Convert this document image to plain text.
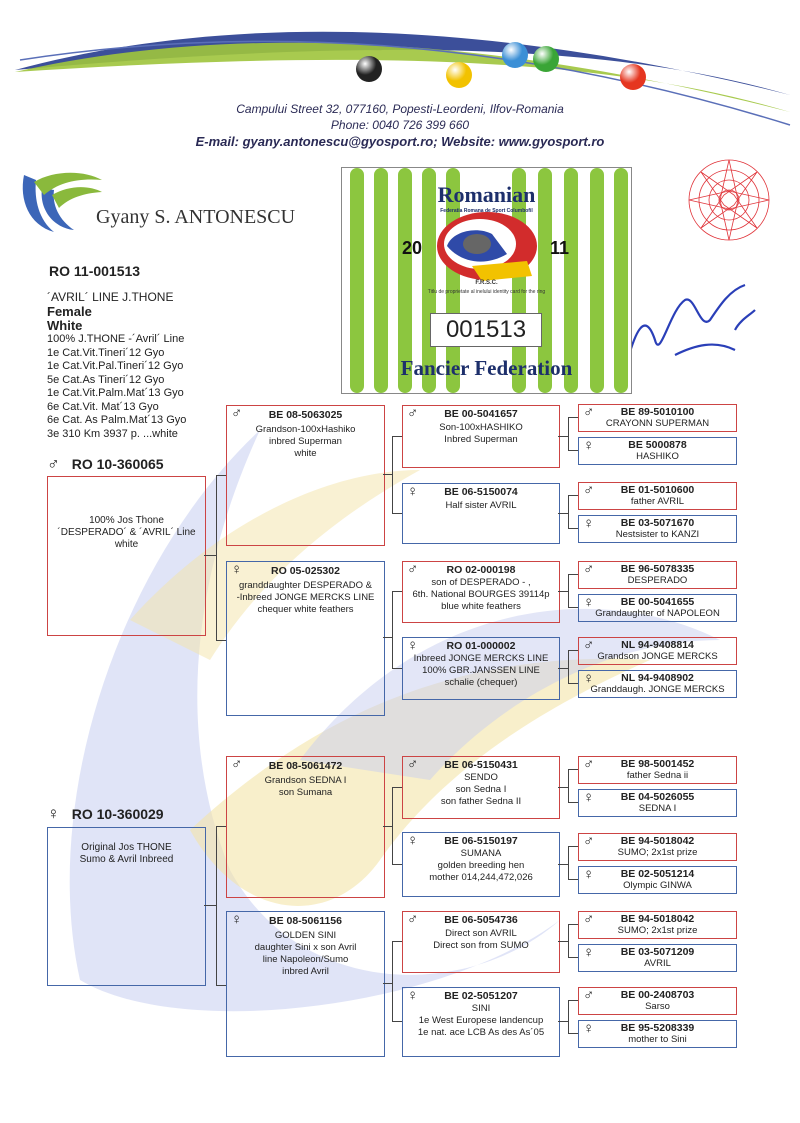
Campului Street 32, 077160, Popesti-Leordeni, Ilfov-Romania
Phone: 0040 726 399 660
E-mail: gyany.antonescu@gyosport.ro; Website: www.gyosport.ro
Gyany S. ANTONESCU
Romanian
20	11
Federatia Romana de Sport Columbofil
F.R.S.C.
Titlu de proprietate al inelului identity card for the ring
001513
Fancier Federation
RO 11-001513
´AVRIL´ LINE J.THONE
Female
White
100% J.THONE -´Avril´ Line
1e Cat.Vit.Tineri´12 Gyo
1e Cat.Vit.Pal.Tineri´12 Gyo
5e Cat.As Tineri´12 Gyo
1e Cat.Vit.Palm.Mat´13 Gyo
6e Cat.Vit. Mat´13 Gyo
6e Cat. As Palm.Mat´13 Gyo
3e 310 Km 3937 p. ...white
♂ RO 10-360065
100% Jos Thone
´DESPERADO´ & ´AVRIL´ Line
white
♀ RO 10-360029
Original Jos THONE
Sumo & Avril Inbreed
♂	BE 08-5063025
Grandson-100xHashiko
inbred Superman
white
♀	RO 05-025302
granddaughter DESPERADO &
-Inbreed JONGE MERCKS LINE
chequer white feathers
♂	BE 08-5061472
Grandson SEDNA I
son Sumana
♀	BE 08-5061156
GOLDEN SINI
daughter Sini x son Avril
line Napoleon/Sumo
inbred Avril
♂	BE 00-5041657
Son-100xHASHIKO
Inbred Superman
♀	BE 06-5150074
Half sister AVRIL
♂	RO 02-000198
son of DESPERADO - ,
6th. National BOURGES 39114p
blue white feathers
♀	RO 01-000002
Inbreed JONGE MERCKS LINE
100% GBR.JANSSEN LINE
schalie (chequer)
♂	BE 06-5150431
SENDO
son Sedna I
son father Sedna II
♀	BE 06-5150197
SUMANA
golden breeding hen
mother 014,244,472,026
♂	BE 06-5054736
Direct son AVRIL
Direct son from SUMO
♀	BE 02-5051207
SINI
1e West Europese landencup
1e nat. ace LCB As des As´05
♂	BE 89-5010100
CRAYONN SUPERMAN
♀	BE 5000878
HASHIKO
♂	BE 01-5010600
father AVRIL
♀	BE 03-5071670
Nestsister to KANZI
♂	BE 96-5078335
DESPERADO
♀	BE 00-5041655
Grandaughter of NAPOLEON
♂	NL 94-9408814
Grandson JONGE MERCKS
♀	NL 94-9408902
Granddaugh. JONGE MERCKS
♂	BE 98-5001452
father Sedna ii
♀	BE 04-5026055
SEDNA I
♂	BE 94-5018042
SUMO; 2x1st prize
♀	BE 02-5051214
Olympic GINWA
♂	BE 94-5018042
SUMO; 2x1st prize
♀	BE 03-5071209
AVRIL
♂	BE 00-2408703
Sarso
♀	BE 95-5208339
mother to Sini
